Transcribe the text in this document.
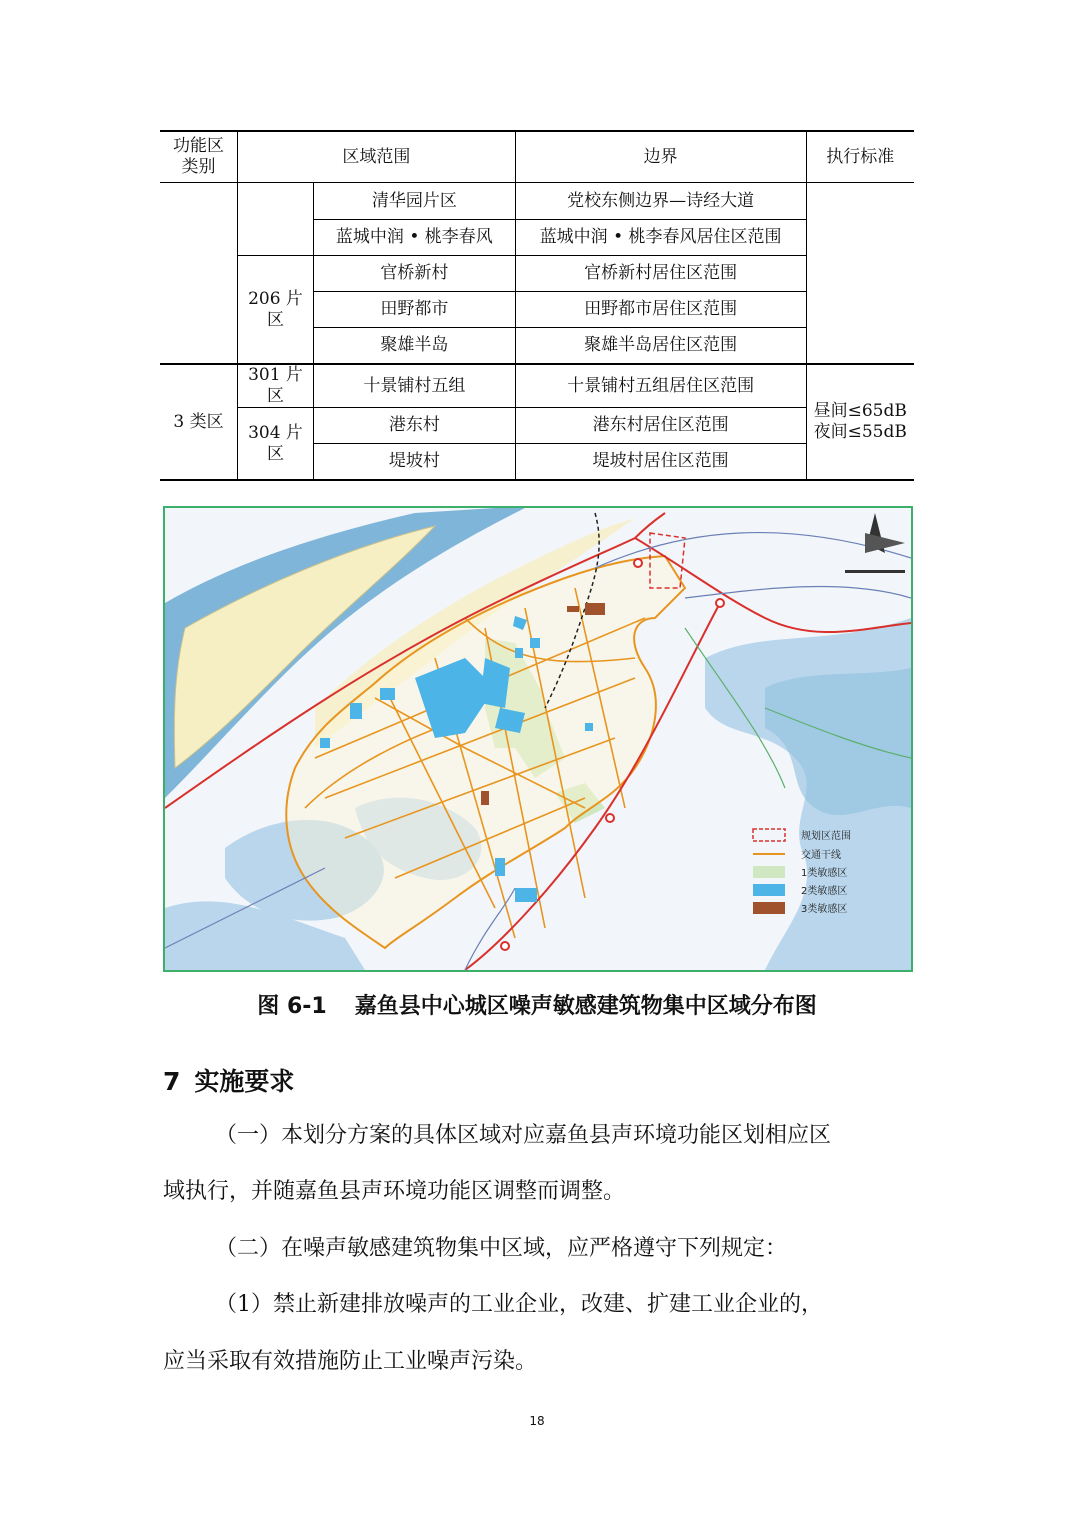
功能区
类别	区域范围		边界	执行标准
		清华园片区	党校东侧边界—诗经大道	
		蓝城中润 • 桃李春风	蓝城中润 • 桃李春风居住区范围	
	206 片区	官桥新村	官桥新村居住区范围	
		田野都市	田野都市居住区范围	
		聚雄半岛	聚雄半岛居住区范围	
3 类区	301 片区	十景铺村五组	十景铺村五组居住区范围	昼间≤65dB
夜间≤55dB
	304 片区	港东村	港东村居住区范围	
		堤坡村	堤坡村居住区范围	
规划区范围
交通干线
1类敏感区
2类敏感区
3类敏感区
图 6-1 嘉鱼县中心城区噪声敏感建筑物集中区域分布图
7 实施要求
（一）本划分方案的具体区域对应嘉鱼县声环境功能区划相应区
域执行，并随嘉鱼县声环境功能区调整而调整。
（二）在噪声敏感建筑物集中区域，应严格遵守下列规定：
（1）禁止新建排放噪声的工业企业，改建、扩建工业企业的，
应当采取有效措施防止工业噪声污染。
18
